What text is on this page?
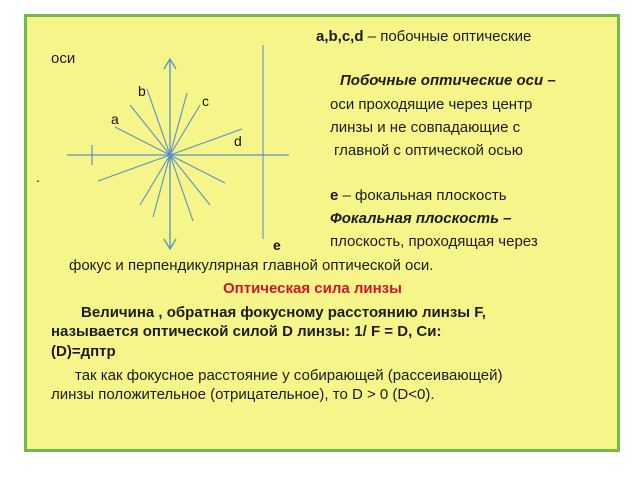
b
c
a
d
e
.
a,b,c,d – побочные оптические
оси
Побочные оптические оси –
оси проходящие через центр
линзы и не совпадающие с
главной с оптической осью
е – фокальная плоскость
Фокальная плоскость –
плоскость, проходящая через
фокус и перпендикулярная главной оптической оси.
Оптическая сила линзы
Величина , обратная фокусному расстоянию линзы F,
называется оптической силой D линзы: 1/ F = D, Си:
(D)=дптр
так как фокусное расстояние у собирающей (рассеивающей)
линзы положительное (отрицательное), то D > 0 (D<0).
